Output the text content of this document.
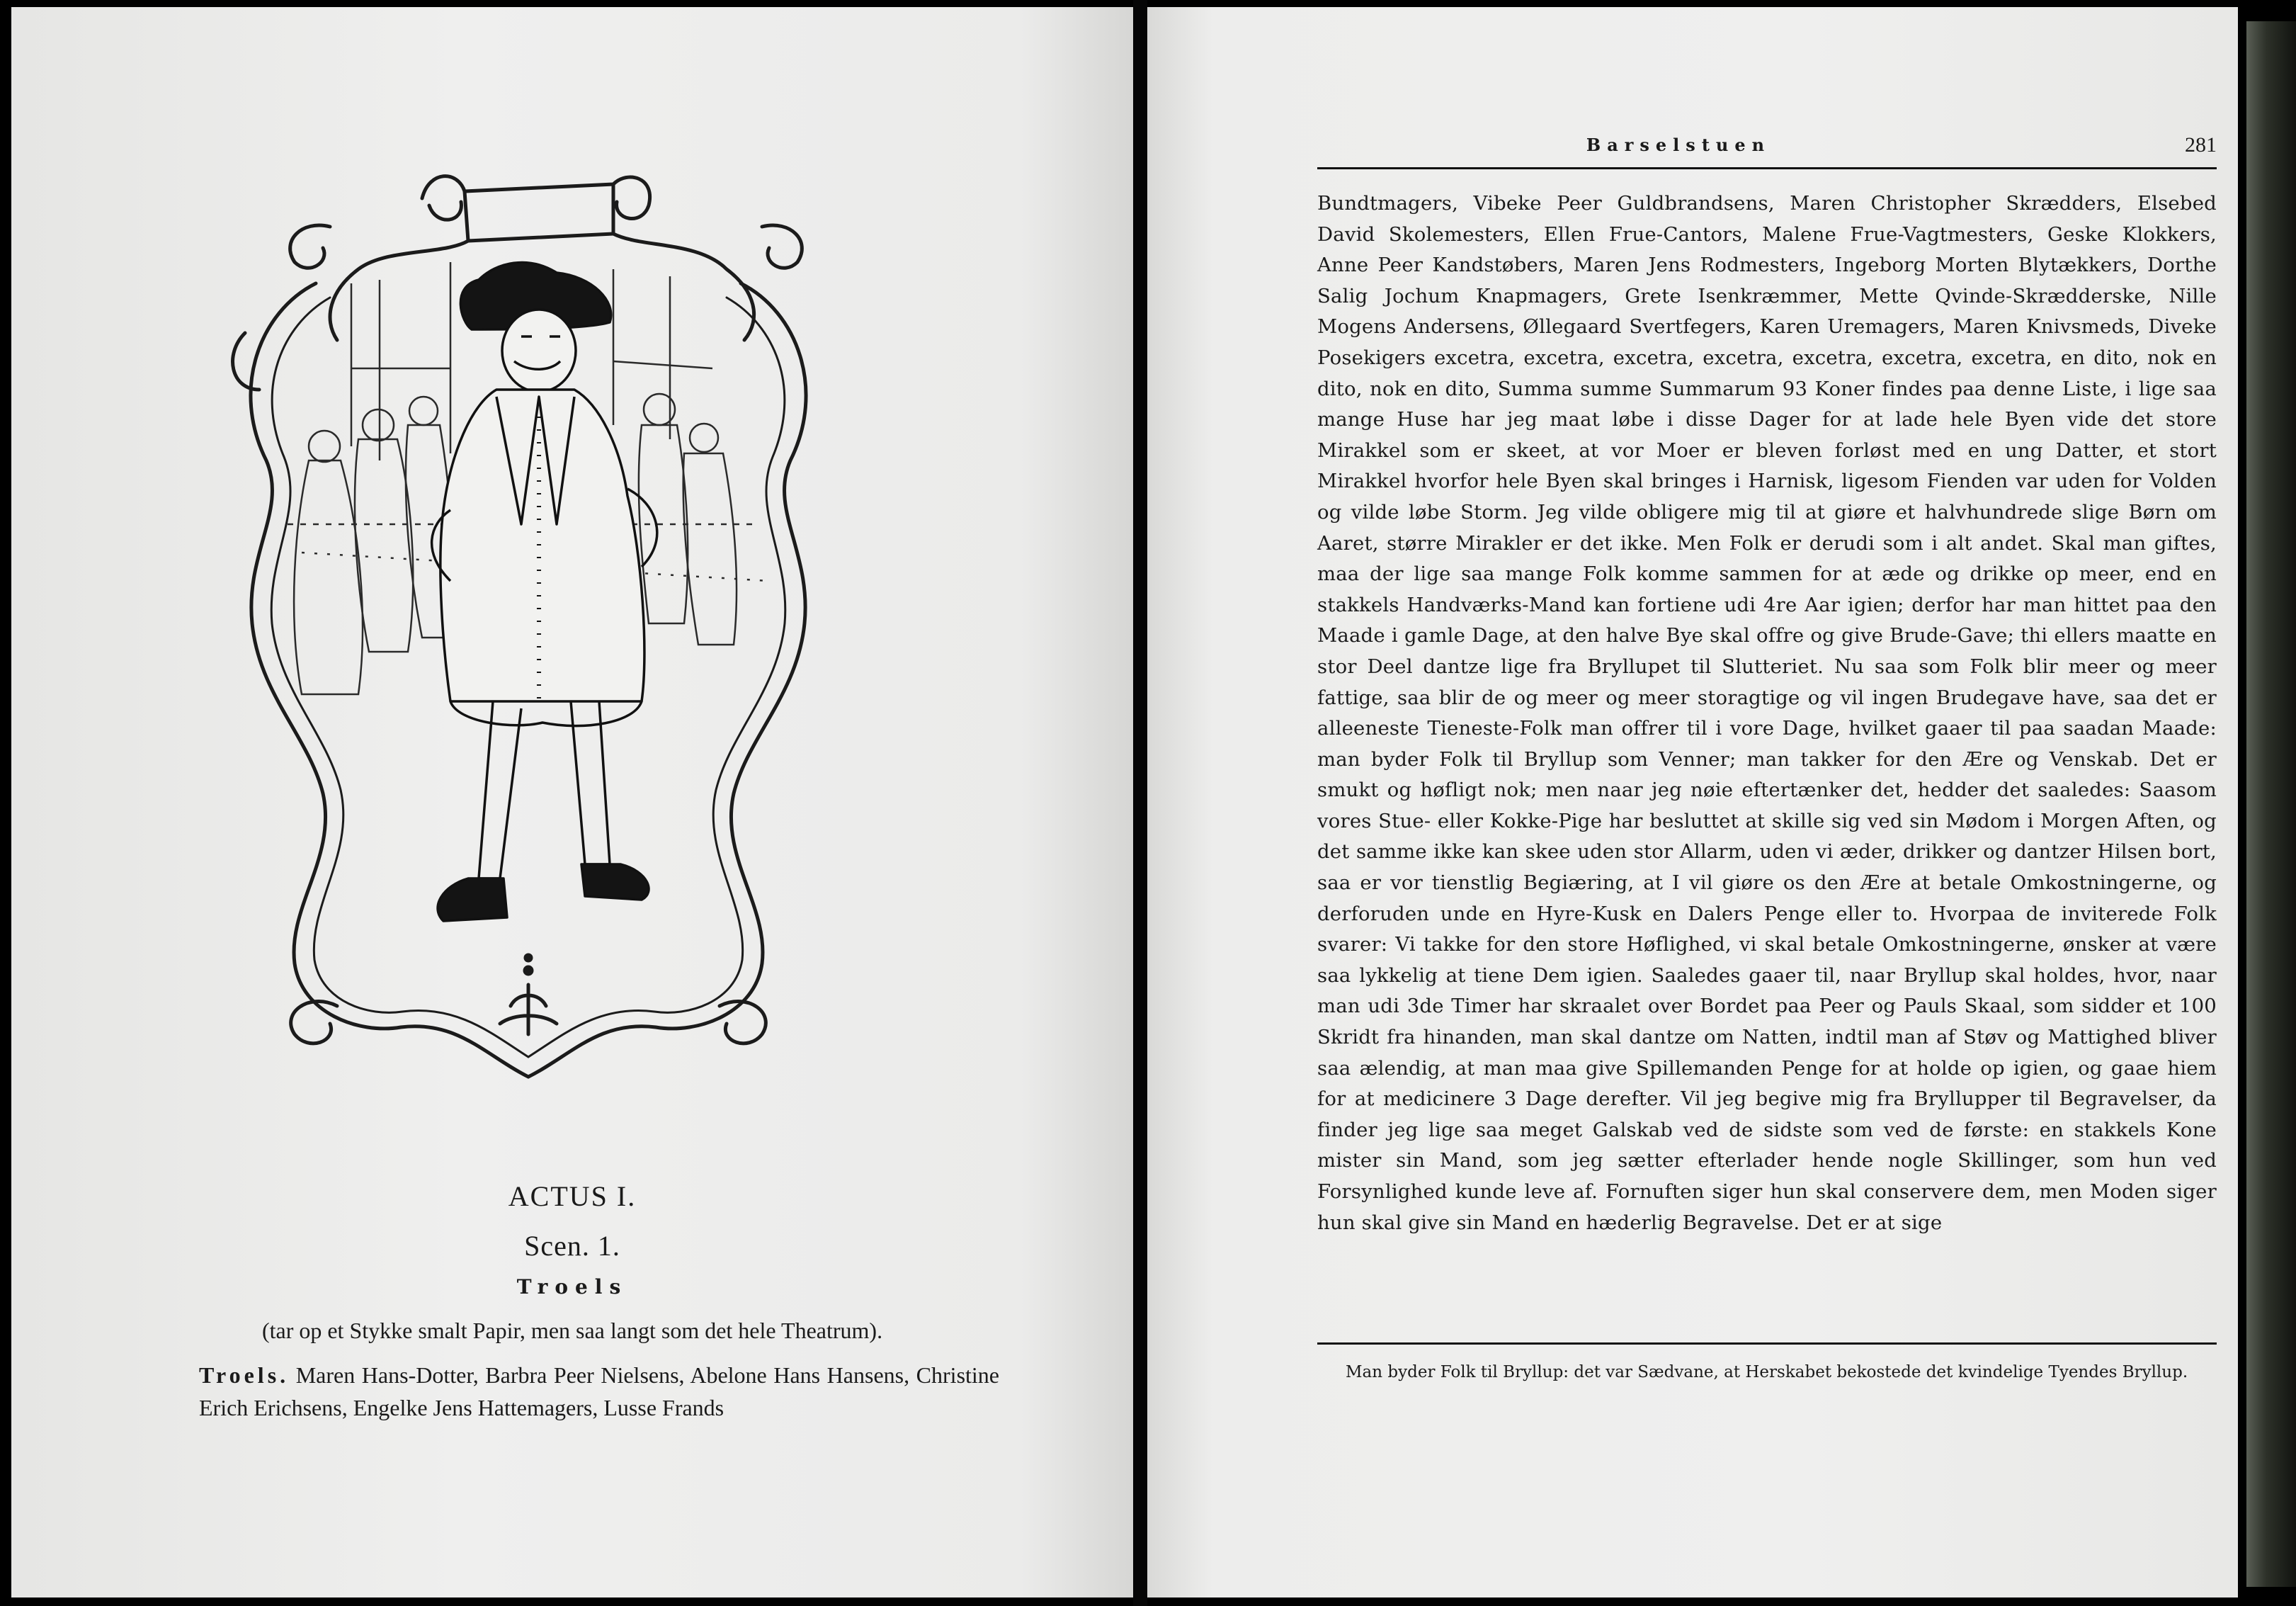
ACTUS I.
Scen. 1.
Troels
(tar op et Stykke smalt Papir, men saa langt som det hele Theatrum).
Troels. Maren Hans-Dotter, Barbra Peer Nielsens, Abelone Hans Hansens, Christine Erich Erichsens, Engelke Jens Hattemagers, Lusse Frands
Barselstuen	281
Bundtmagers, Vibeke Peer Guldbrandsens, Maren Christopher Skrædders, Elsebed David Skolemesters, Ellen Frue-Cantors, Malene Frue-Vagtmesters, Geske Klokkers, Anne Peer Kandstøbers, Maren Jens Rodmesters, Ingeborg Morten Blytækkers, Dorthe Salig Jochum Knapmagers, Grete Isenkræmmer, Mette Qvinde-Skrædderske, Nille Mogens Andersens, Øllegaard Svertfegers, Karen Uremagers, Maren Knivsmeds, Diveke Posekigers excetra, excetra, excetra, excetra, excetra, excetra, excetra, en dito, nok en dito, nok en dito, Summa summe Summarum 93 Koner findes paa denne Liste, i lige saa mange Huse har jeg maat løbe i disse Dager for at lade hele Byen vide det store Mirakkel som er skeet, at vor Moer er bleven forløst med en ung Datter, et stort Mirakkel hvorfor hele Byen skal bringes i Harnisk, ligesom Fienden var uden for Volden og vilde løbe Storm. Jeg vilde obligere mig til at giøre et halvhundrede slige Børn om Aaret, større Mirakler er det ikke. Men Folk er derudi som i alt andet. Skal man giftes, maa der lige saa mange Folk komme sammen for at æde og drikke op meer, end en stakkels Handværks-Mand kan fortiene udi 4re Aar igien; derfor har man hittet paa den Maade i gamle Dage, at den halve Bye skal offre og give Brude-Gave; thi ellers maatte en stor Deel dantze lige fra Bryllupet til Slutteriet. Nu saa som Folk blir meer og meer fattige, saa blir de og meer og meer storagtige og vil ingen Brudegave have, saa det er alleeneste Tieneste-Folk man offrer til i vore Dage, hvilket gaaer til paa saadan Maade: man byder Folk til Bryllup som Venner; man takker for den Ære og Venskab. Det er smukt og høfligt nok; men naar jeg nøie eftertænker det, hedder det saaledes: Saasom vores Stue- eller Kokke-Pige har besluttet at skille sig ved sin Mødom i Morgen Aften, og det samme ikke kan skee uden stor Allarm, uden vi æder, drikker og dantzer Hilsen bort, saa er vor tienstlig Begiæring, at I vil giøre os den Ære at betale Omkostningerne, og derforuden unde en Hyre-Kusk en Dalers Penge eller to. Hvorpaa de inviterede Folk svarer: Vi takke for den store Høflighed, vi skal betale Omkostningerne, ønsker at være saa lykkelig at tiene Dem igien. Saaledes gaaer til, naar Bryllup skal holdes, hvor, naar man udi 3de Timer har skraalet over Bordet paa Peer og Pauls Skaal, som sidder et 100 Skridt fra hinanden, man skal dantze om Natten, indtil man af Støv og Mattighed bliver saa ælendig, at man maa give Spillemanden Penge for at holde op igien, og gaae hiem for at medicinere 3 Dage derefter. Vil jeg begive mig fra Bryllupper til Begravelser, da finder jeg lige saa meget Galskab ved de sidste som ved de første: en stakkels Kone mister sin Mand, som jeg sætter efterlader hende nogle Skillinger, som hun ved Forsynlighed kunde leve af. Fornuften siger hun skal conservere dem, men Moden siger hun skal give sin Mand en hæderlig Begravelse. Det er at sige
Man byder Folk til Bryllup: det var Sædvane, at Herskabet bekostede det kvindelige Tyendes Bryllup.
